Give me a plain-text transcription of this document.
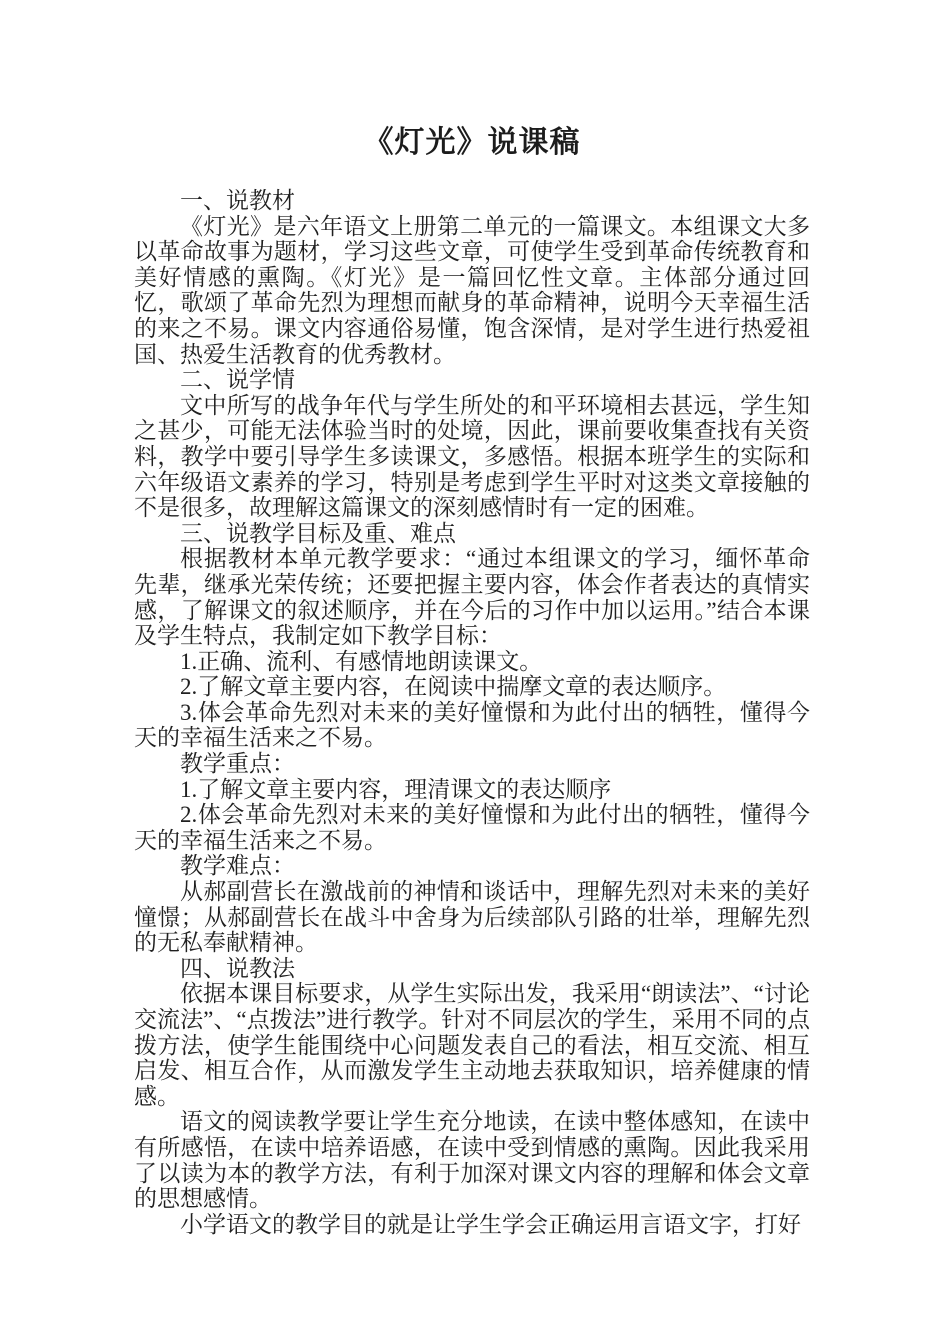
《灯光》说课稿

一、说教材

《灯光》是六年语文上册第二单元的一篇课文。本组课文大多以革命故事为题材，学习这些文章，可使学生受到革命传统教育和美好情感的熏陶。《灯光》是一篇回忆性文章。主体部分通过回忆，歌颂了革命先烈为理想而献身的革命精神，说明今天幸福生活的来之不易。课文内容通俗易懂，饱含深情，是对学生进行热爱祖国、热爱生活教育的优秀教材。

二、说学情

文中所写的战争年代与学生所处的和平环境相去甚远，学生知之甚少，可能无法体验当时的处境，因此，课前要收集查找有关资料，教学中要引导学生多读课文，多感悟。根据本班学生的实际和六年级语文素养的学习，特别是考虑到学生平时对这类文章接触的不是很多，故理解这篇课文的深刻感情时有一定的困难。

三、说教学目标及重、难点

根据教材本单元教学要求：“通过本组课文的学习，缅怀革命先辈，继承光荣传统；还要把握主要内容，体会作者表达的真情实感，了解课文的叙述顺序，并在今后的习作中加以运用。”结合本课及学生特点，我制定如下教学目标：

1.正确、流利、有感情地朗读课文。

2.了解文章主要内容，在阅读中揣摩文章的表达顺序。

3.体会革命先烈对未来的美好憧憬和为此付出的牺牲，懂得今天的幸福生活来之不易。

教学重点：

1.了解文章主要内容，理清课文的表达顺序

2.体会革命先烈对未来的美好憧憬和为此付出的牺牲，懂得今天的幸福生活来之不易。

教学难点：

从郝副营长在激战前的神情和谈话中，理解先烈对未来的美好憧憬；从郝副营长在战斗中舍身为后续部队引路的壮举，理解先烈的无私奉献精神。

四、说教法

依据本课目标要求，从学生实际出发，我采用“朗读法”、“讨论交流法”、“点拨法”进行教学。针对不同层次的学生，采用不同的点拨方法，使学生能围绕中心问题发表自己的看法，相互交流、相互启发、相互合作，从而激发学生主动地去获取知识，培养健康的情感。

语文的阅读教学要让学生充分地读，在读中整体感知，在读中有所感悟，在读中培养语感，在读中受到情感的熏陶。因此我采用了以读为本的教学方法，有利于加深对课文内容的理解和体会文章的思想感情。

小学语文的教学目的就是让学生学会正确运用言语文字，打好
